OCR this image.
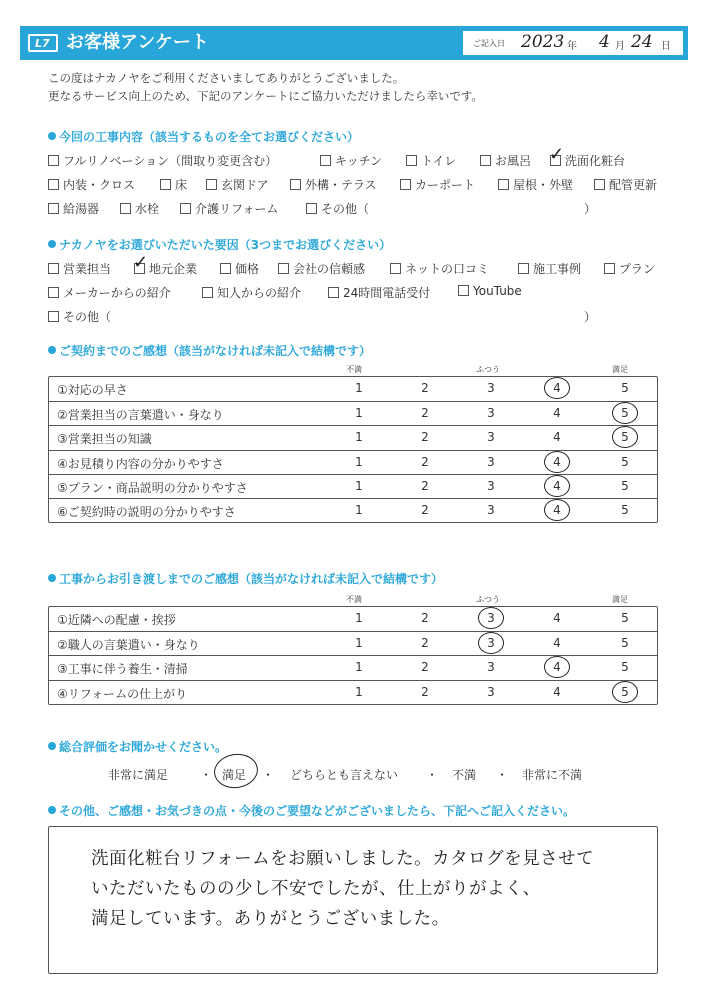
L7 お客様アンケート	ご記入日 2023 年 4 月 24 日
この度はナカノヤをご利用くださいましてありがとうございました。
更なるサービス向上のため、下記のアンケートにご協力いただけましたら幸いです。
今回の工事内容（該当するものを全てお選びください）
フルリノベーション（間取り変更含む）	キッチン	トイレ	お風呂 ✓ 洗面化粧台
内装・クロス	床	玄関ドア	外構・テラス	カーポート	屋根・外壁	配管更新
給湯器	水栓	介護リフォーム	その他（	）
ナカノヤをお選びいただいた要因（3つまでお選びください）
営業担当 ✓ 地元企業	価格	会社の信頼感	ネットの口コミ	施工事例	プラン
メーカーからの紹介	知人からの紹介	24時間電話受付	YouTube
その他（	）
ご契約までのご感想（該当がなければ未記入で結構です）
不満	ふつう	満足
①対応の早さ	1	2	3	4	5
②営業担当の言葉遣い・身なり	1	2	3	4	5
③営業担当の知識	1	2	3	4	5
④お見積り内容の分かりやすさ	1	2	3	4	5
⑤プラン・商品説明の分かりやすさ	1	2	3	4	5
⑥ご契約時の説明の分かりやすさ	1	2	3	4	5
工事からお引き渡しまでのご感想（該当がなければ未記入で結構です）
不満	ふつう	満足
①近隣への配慮・挨拶	1	2	3	4	5
②職人の言葉遣い・身なり	1	2	3	4	5
③工事に伴う養生・清掃	1	2	3	4	5
④リフォームの仕上がり	1	2	3	4	5
総合評価をお聞かせください。
非常に満足	・ 満足 ・ どちらとも言えない ・ 不満 ・ 非常に不満
その他、ご感想・お気づきの点・今後のご要望などがございましたら、下記へご記入ください。
洗面化粧台リフォームをお願いしました。カタログを見させて
いただいたものの少し不安でしたが、仕上がりがよく、
満足しています。ありがとうございました。
